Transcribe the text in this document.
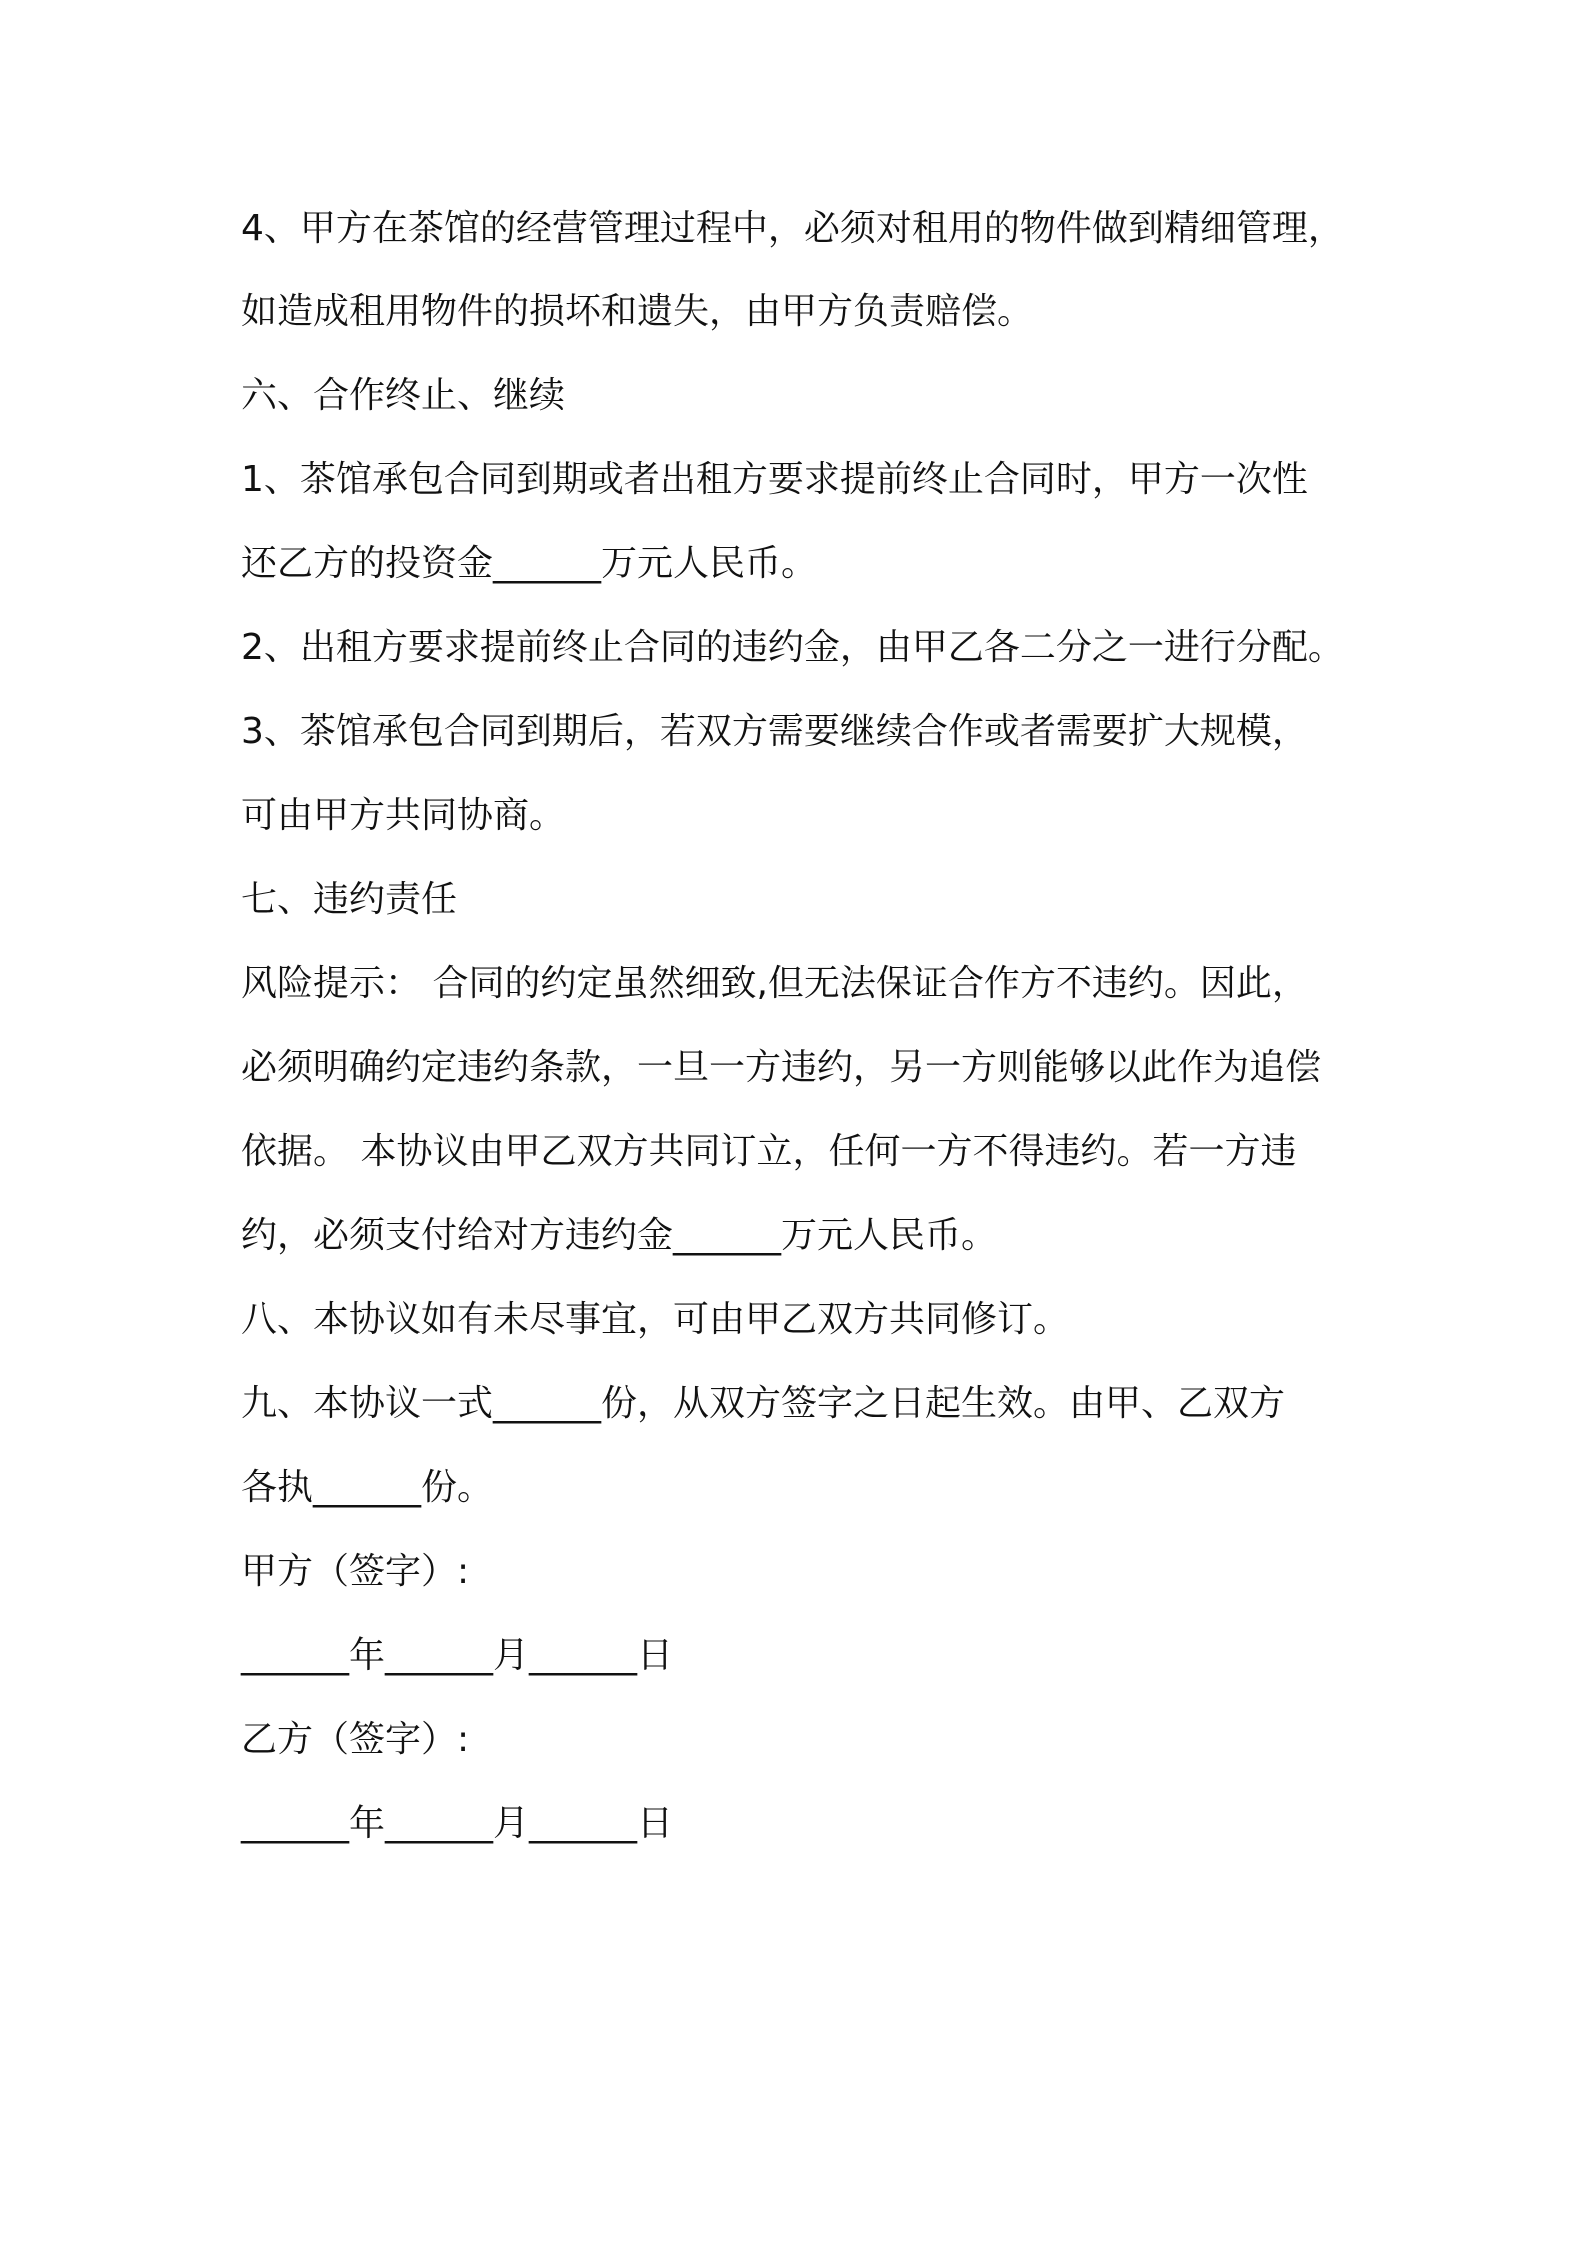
4、甲方在茶馆的经营管理过程中，必须对租用的物件做到精细管理，
如造成租用物件的损坏和遗失，由甲方负责赔偿。
六、合作终止、继续
1、茶馆承包合同到期或者出租方要求提前终止合同时，甲方一次性
还乙方的投资金______万元人民币。
2、出租方要求提前终止合同的违约金，由甲乙各二分之一进行分配。
3、茶馆承包合同到期后，若双方需要继续合作或者需要扩大规模，
可由甲方共同协商。
七、违约责任
风险提示： 合同的约定虽然细致,但无法保证合作方不违约。因此，
必须明确约定违约条款，一旦一方违约，另一方则能够以此作为追偿
依据。 本协议由甲乙双方共同订立，任何一方不得违约。若一方违
约，必须支付给对方违约金______万元人民币。
八、本协议如有未尽事宜，可由甲乙双方共同修订。
九、本协议一式______份，从双方签字之日起生效。由甲、乙双方
各执______份。
甲方（签字）:
______年______月______日
乙方（签字）:
______年______月______日
